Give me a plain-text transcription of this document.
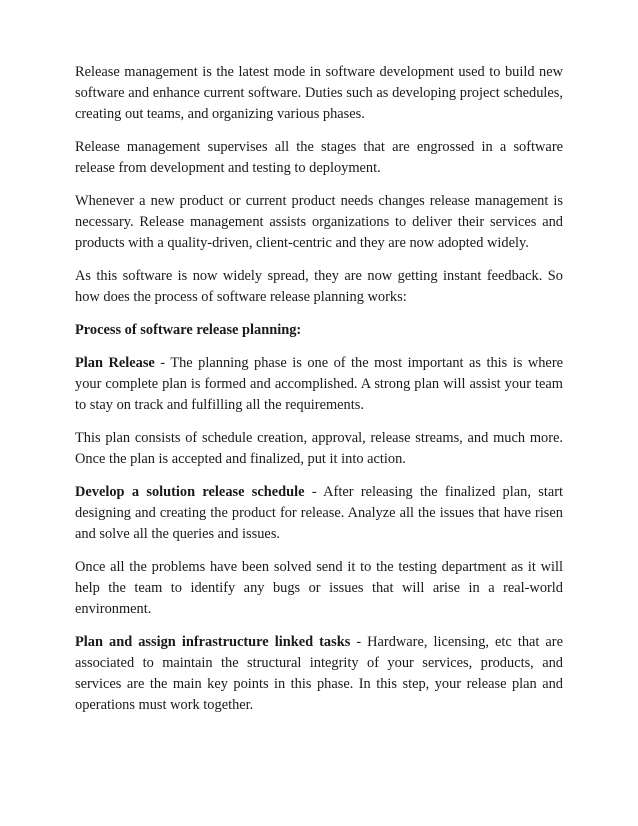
Release management is the latest mode in software development used to build new software and enhance current software. Duties such as developing project schedules, creating out teams, and organizing various phases.

Release management supervises all the stages that are engrossed in a software release from development and testing to deployment.

Whenever a new product or current product needs changes release management is necessary. Release management assists organizations to deliver their services and products with a quality-driven, client-centric and they are now adopted widely.

As this software is now widely spread, they are now getting instant feedback. So how does the process of software release planning works:

Process of software release planning:

Plan Release - The planning phase is one of the most important as this is where your complete plan is formed and accomplished. A strong plan will assist your team to stay on track and fulfilling all the requirements.

This plan consists of schedule creation, approval, release streams, and much more. Once the plan is accepted and finalized, put it into action.

Develop a solution release schedule - After releasing the finalized plan, start designing and creating the product for release. Analyze all the issues that have risen and solve all the queries and issues.

Once all the problems have been solved send it to the testing department as it will help the team to identify any bugs or issues that will arise in a real-world environment.

Plan and assign infrastructure linked tasks - Hardware, licensing, etc that are associated to maintain the structural integrity of your services, products, and services are the main key points in this phase. In this step, your release plan and operations must work together.
